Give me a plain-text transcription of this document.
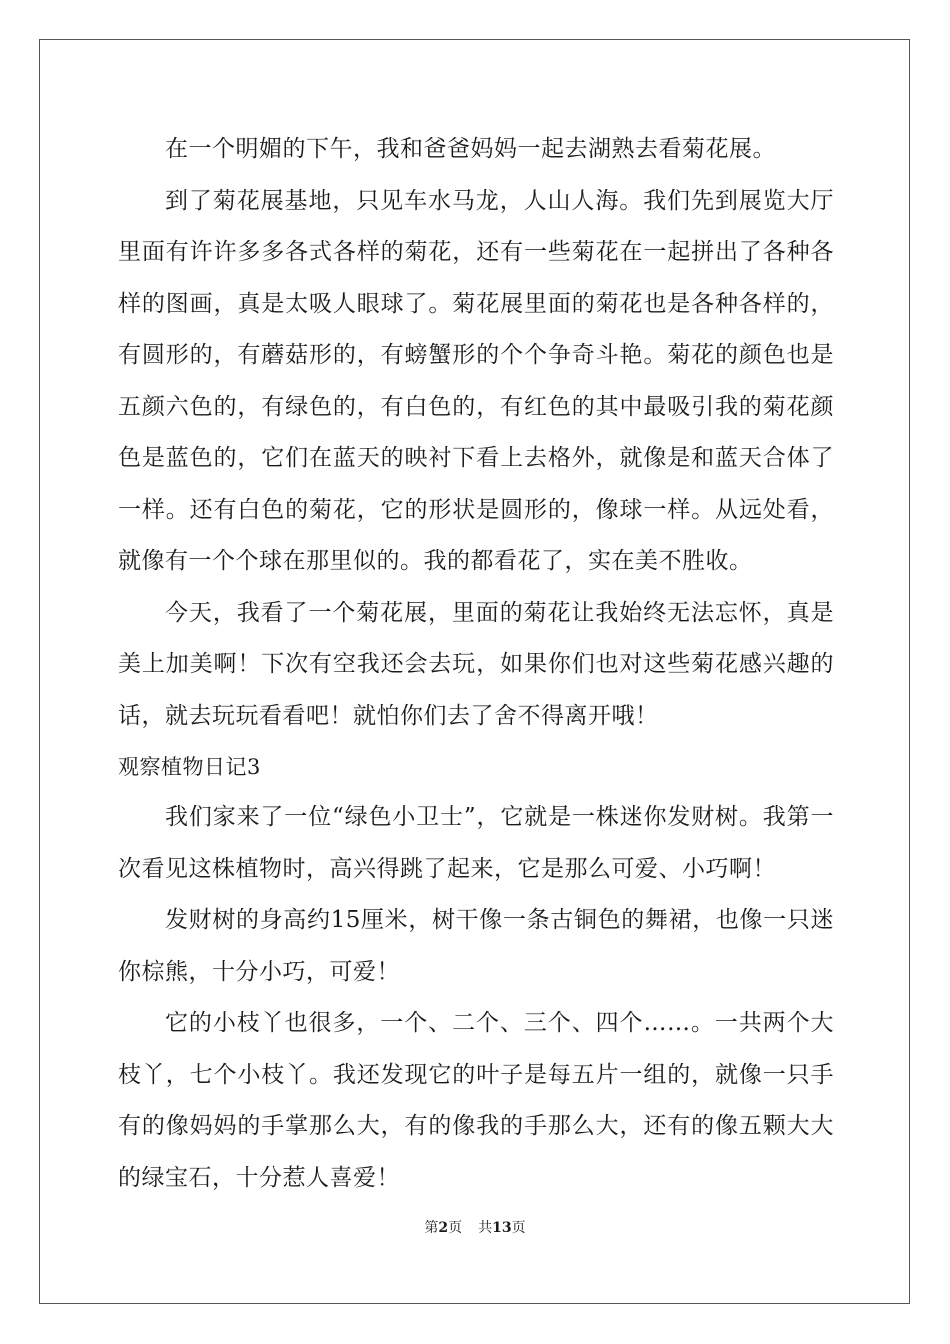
在一个明媚的下午，我和爸爸妈妈一起去湖熟去看菊花展。

到了菊花展基地，只见车水马龙，人山人海。我们先到展览大厅里面有许许多多各式各样的菊花，还有一些菊花在一起拼出了各种各样的图画，真是太吸人眼球了。菊花展里面的菊花也是各种各样的，有圆形的，有蘑菇形的，有螃蟹形的个个争奇斗艳。菊花的颜色也是五颜六色的，有绿色的，有白色的，有红色的其中最吸引我的菊花颜色是蓝色的，它们在蓝天的映衬下看上去格外，就像是和蓝天合体了一样。还有白色的菊花，它的形状是圆形的，像球一样。从远处看，就像有一个个球在那里似的。我的都看花了，实在美不胜收。

今天，我看了一个菊花展，里面的菊花让我始终无法忘怀，真是美上加美啊！下次有空我还会去玩，如果你们也对这些菊花感兴趣的话，就去玩玩看看吧！就怕你们去了舍不得离开哦！

观察植物日记3

我们家来了一位“绿色小卫士”，它就是一株迷你发财树。我第一次看见这株植物时，高兴得跳了起来，它是那么可爱、小巧啊！

发财树的身高约15厘米，树干像一条古铜色的舞裙，也像一只迷你棕熊，十分小巧，可爱！

它的小枝丫也很多，一个、二个、三个、四个……。一共两个大枝丫，七个小枝丫。我还发现它的叶子是每五片一组的，就像一只手有的像妈妈的手掌那么大，有的像我的手那么大，还有的像五颗大大的绿宝石，十分惹人喜爱！

第2页 共13页
